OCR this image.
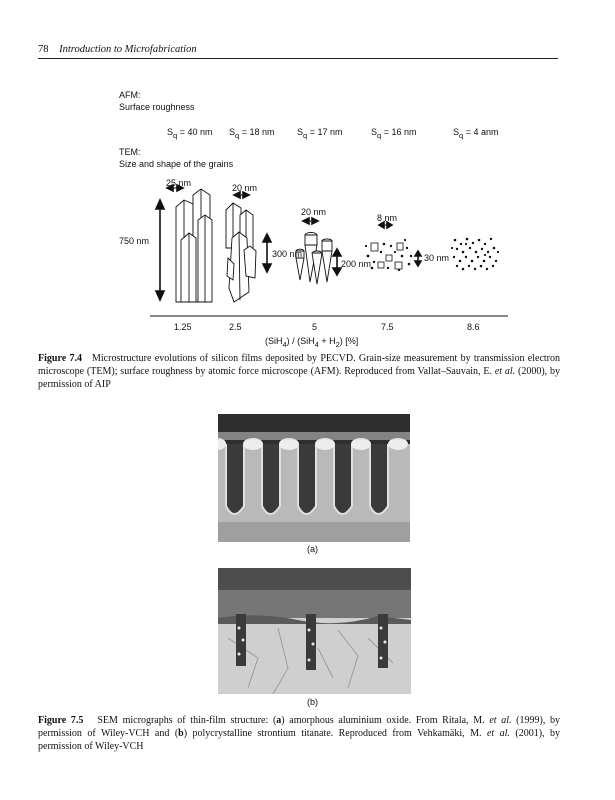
78 Introduction to Microfabrication
AFM:
Surface roughness
$S_q = 40$ nm $S_q = 18$ nm	$S_q = 17$ nm	$S_q = 16$ nm	$S_q = 4$ anm
TEM:
Size and shape of the grains
25 nm	20 nm
20 nm
8 nm
750 nm
300 nm
200 nm
30 nm
1.25	2.5	5	7.5	8.6
$(SiH_4) / (SiH_4 + H_2)$ [%]
Figure 7.4 Microstructure evolutions of silicon films deposited by PECVD. Grain-size measurement by transmission electron microscope (TEM); surface roughness by atomic force microscope (AFM). Reproduced from Vallat–Sauvain, E. et al. (2000), by permission of AIP
(a)
(b)
Figure 7.5 SEM micrographs of thin-film structure: (a) amorphous aluminium oxide. From Ritala, M. et al. (1999), by permission of Wiley-VCH and (b) polycrystalline strontium titanate. Reproduced from Vehkamäki, M. et al. (2001), by permission of Wiley-VCH
